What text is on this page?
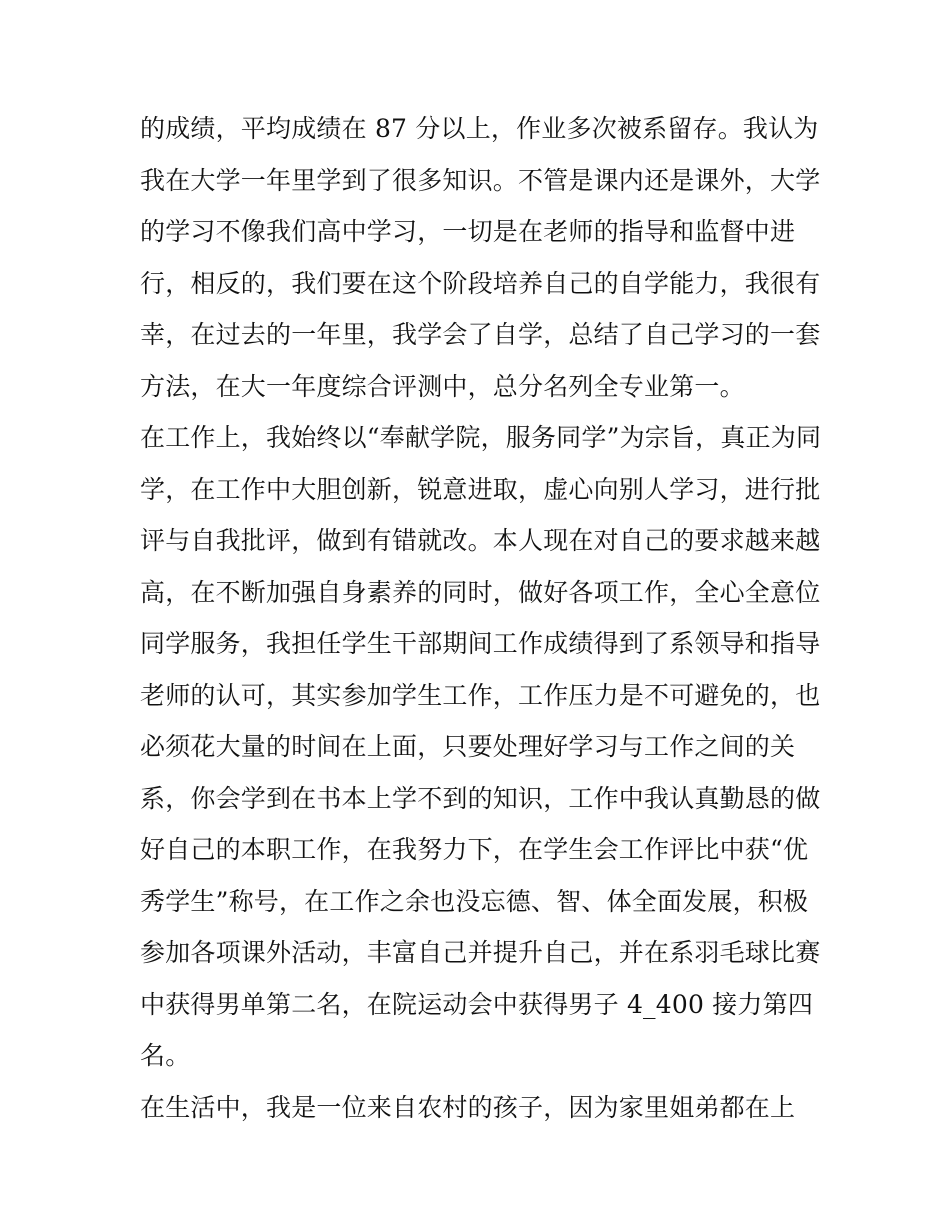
的成绩，平均成绩在 87 分以上，作业多次被系留存。我认为
我在大学一年里学到了很多知识。不管是课内还是课外，大学
的学习不像我们高中学习，一切是在老师的指导和监督中进
行，相反的，我们要在这个阶段培养自己的自学能力，我很有
幸，在过去的一年里，我学会了自学，总结了自己学习的一套
方法，在大一年度综合评测中，总分名列全专业第一。
在工作上，我始终以“奉献学院，服务同学”为宗旨，真正为同
学，在工作中大胆创新，锐意进取，虚心向别人学习，进行批
评与自我批评，做到有错就改。本人现在对自己的要求越来越
高，在不断加强自身素养的同时，做好各项工作，全心全意位
同学服务，我担任学生干部期间工作成绩得到了系领导和指导
老师的认可，其实参加学生工作，工作压力是不可避免的，也
必须花大量的时间在上面，只要处理好学习与工作之间的关
系，你会学到在书本上学不到的知识，工作中我认真勤恳的做
好自己的本职工作，在我努力下，在学生会工作评比中获“优
秀学生”称号，在工作之余也没忘德、智、体全面发展，积极
参加各项课外活动，丰富自己并提升自己，并在系羽毛球比赛
中获得男单第二名，在院运动会中获得男子 4_400 接力第四
名。
在生活中，我是一位来自农村的孩子，因为家里姐弟都在上
